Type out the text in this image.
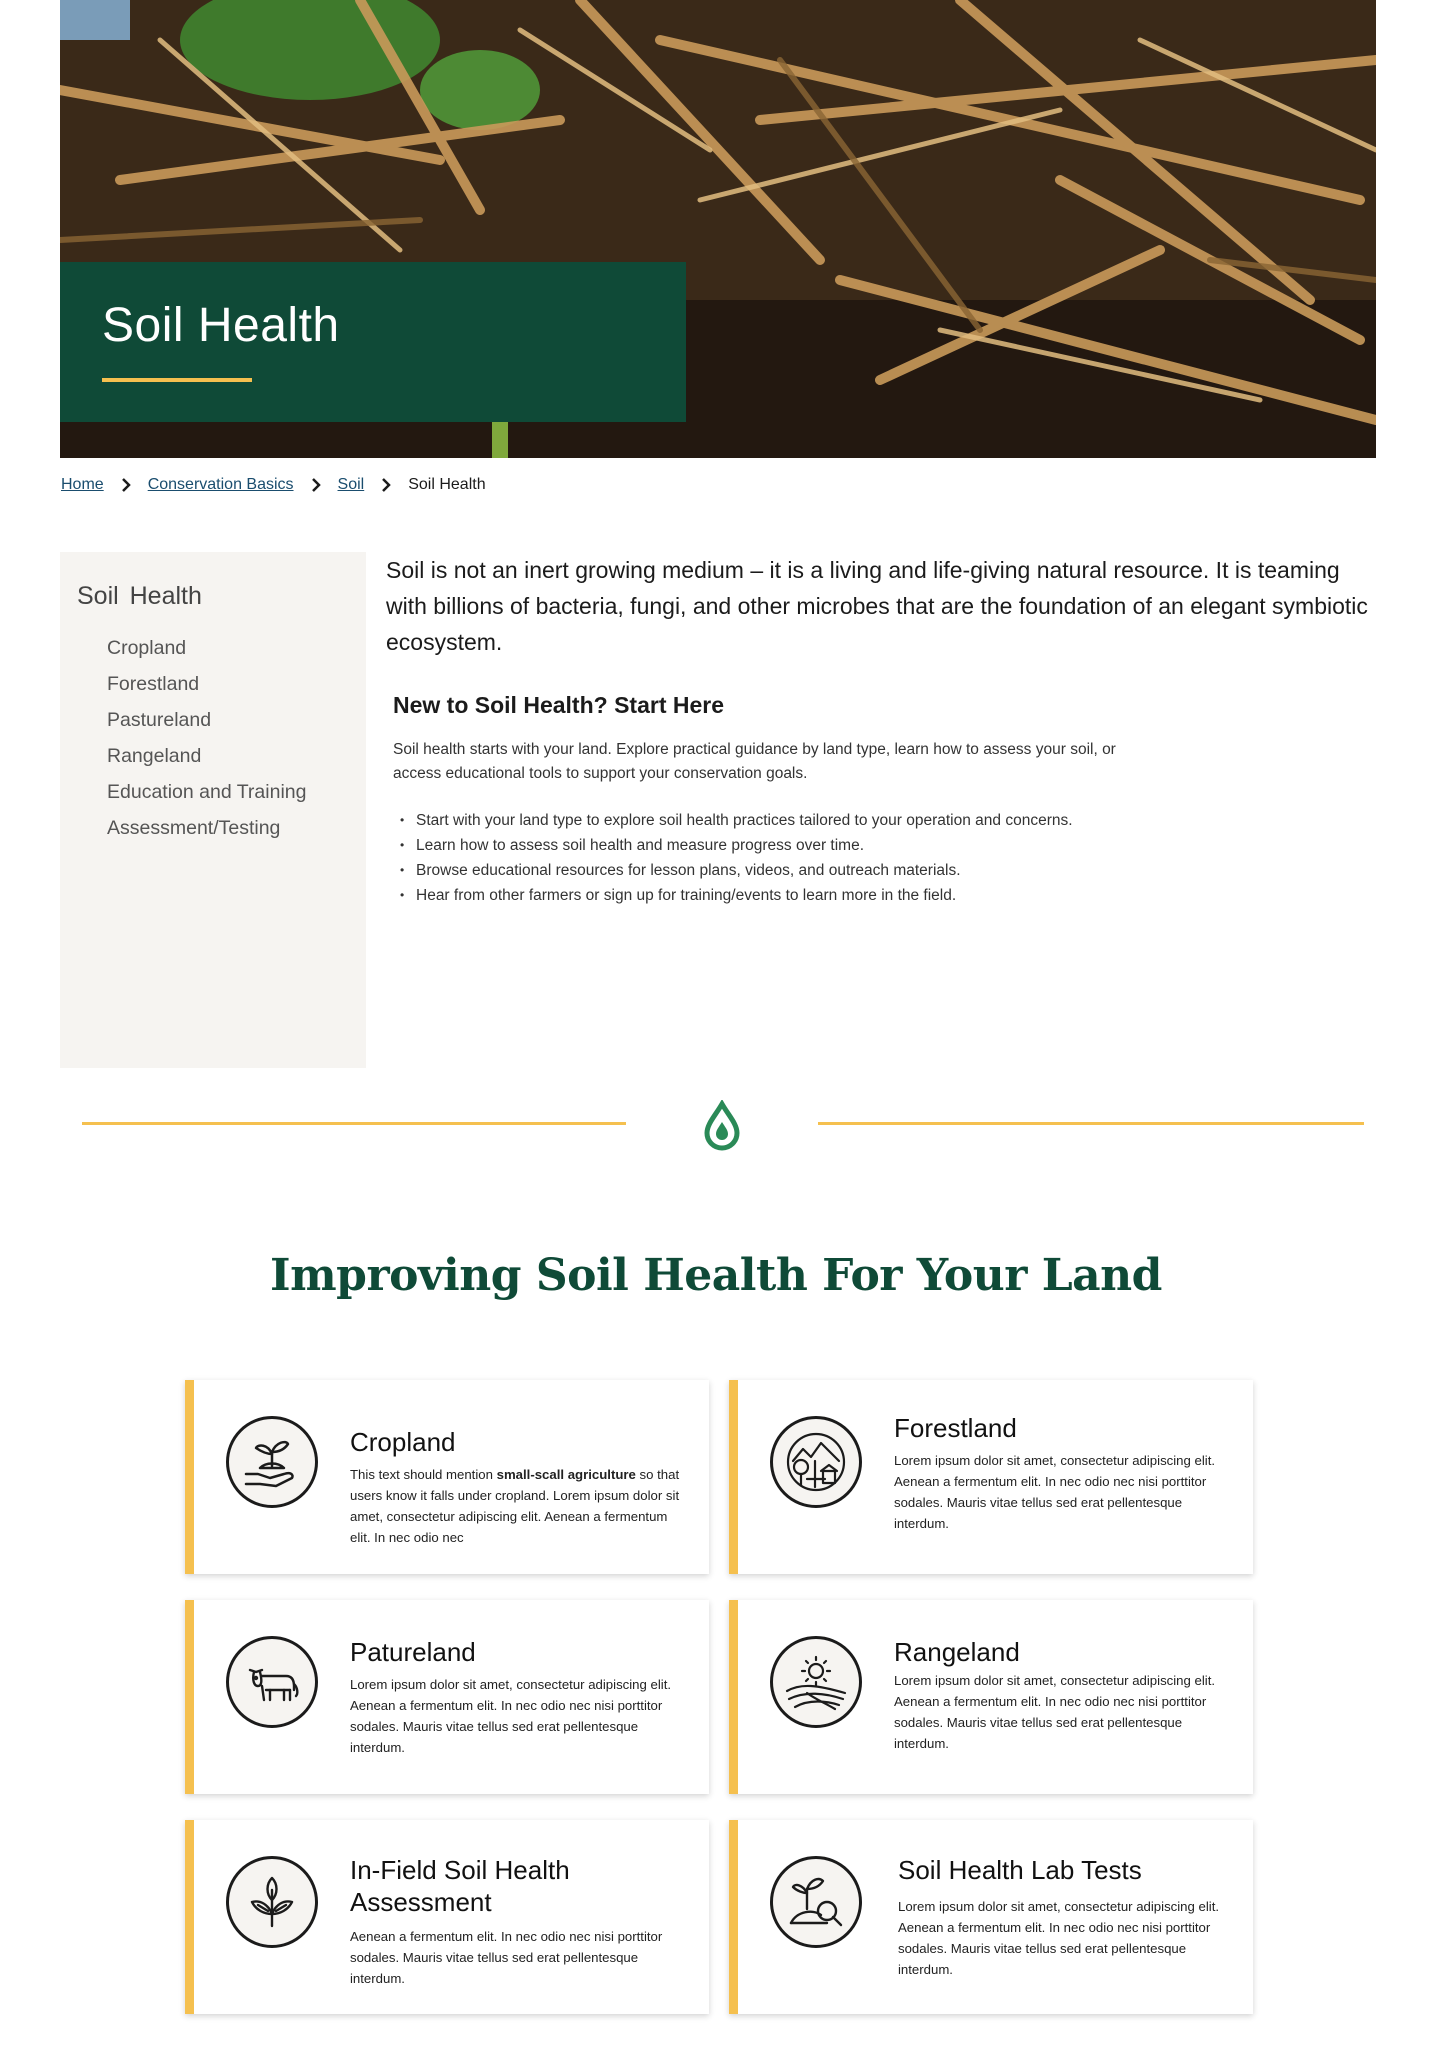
Soil Health
Home	Conservation Basics	Soil	Soil Health
Soil Health
Cropland
Forestland
Pastureland
Rangeland
Education and Training
Assessment/Testing

Soil is not an inert growing medium – it is a living and life-giving natural resource. It is teaming with billions of bacteria, fungi, and other microbes that are the foundation of an elegant symbiotic ecosystem.

New to Soil Health? Start Here

Soil health starts with your land. Explore practical guidance by land type, learn how to assess your soil, or access educational tools to support your conservation goals.

• Start with your land type to explore soil health practices tailored to your operation and concerns.
• Learn how to assess soil health and measure progress over time.
• Browse educational resources for lesson plans, videos, and outreach materials.
• Hear from other farmers or sign up for training/events to learn more in the field.
Improving Soil Health For Your Land
Cropland
This text should mention small-scall agriculture so that users know it falls under cropland. Lorem ipsum dolor sit amet, consectetur adipiscing elit. Aenean a fermentum elit. In nec odio nec
Forestland
Lorem ipsum dolor sit amet, consectetur adipiscing elit. Aenean a fermentum elit. In nec odio nec nisi porttitor sodales. Mauris vitae tellus sed erat pellentesque interdum.
Patureland
Lorem ipsum dolor sit amet, consectetur adipiscing elit. Aenean a fermentum elit. In nec odio nec nisi porttitor sodales. Mauris vitae tellus sed erat pellentesque interdum.
Rangeland
Lorem ipsum dolor sit amet, consectetur adipiscing elit. Aenean a fermentum elit. In nec odio nec nisi porttitor sodales. Mauris vitae tellus sed erat pellentesque interdum.
In-Field Soil Health Assessment
Aenean a fermentum elit. In nec odio nec nisi porttitor sodales. Mauris vitae tellus sed erat pellentesque interdum.
Soil Health Lab Tests
Lorem ipsum dolor sit amet, consectetur adipiscing elit. Aenean a fermentum elit. In nec odio nec nisi porttitor sodales. Mauris vitae tellus sed erat pellentesque interdum.
